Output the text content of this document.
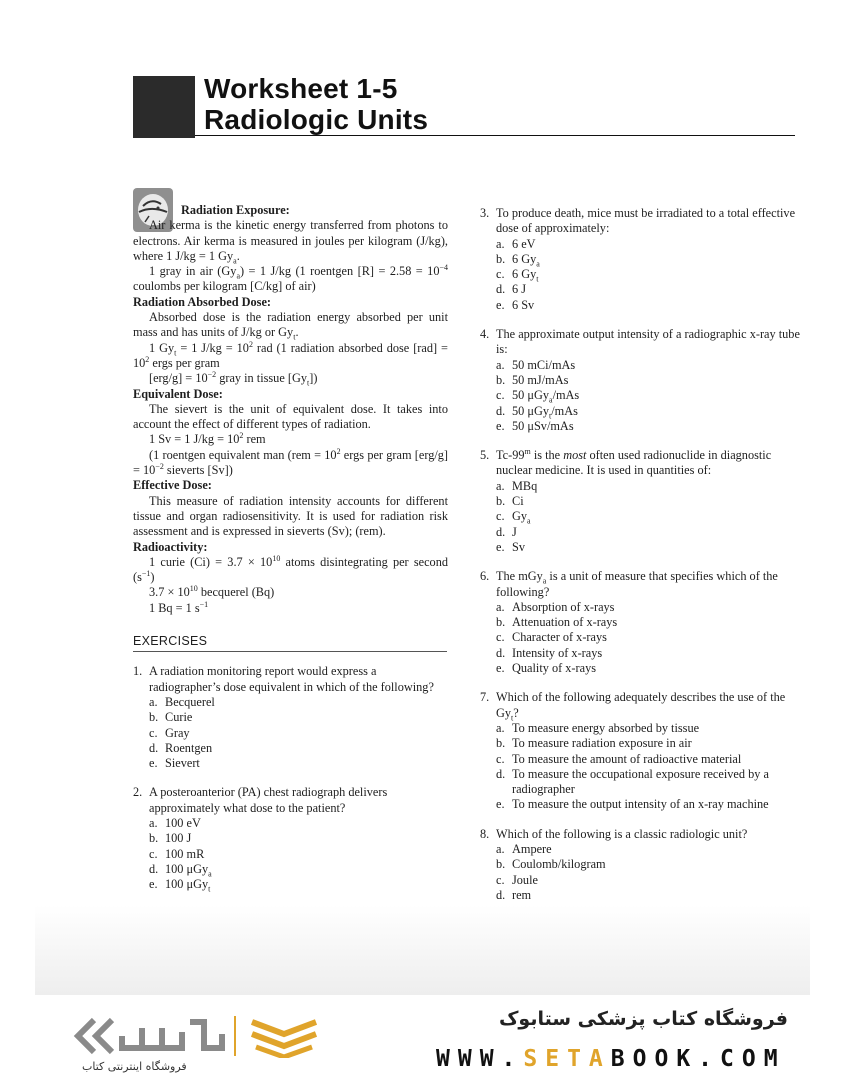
Worksheet 1-5
Radiologic Units

Radiation Exposure:

Air kerma is the kinetic energy transferred from photons to electrons. Air kerma is measured in joules per kilogram (J/kg), where 1 J/kg = 1 $Gy_a$.

1 gray in air $(Gy_a) = 1$ J/kg (1 roentgen $[R] = 2.58 = 10^{-4}$ coulombs per kilogram [C/kg] of air)

Radiation Absorbed Dose:

Absorbed dose is the radiation energy absorbed per unit mass and has units of J/kg or $Gy_t$.

1 $Gy_t = 1$ $J/kg = 10^2$ rad (1 radiation absorbed dose $[rad] = 10^2$ ergs per gram

$[erg/g] = 10^{-2}$ gray in tissue $[Gy_t]$)

Equivalent Dose:

The sievert is the unit of equivalent dose. It takes into account the effect of different types of radiation.

1 Sv = 1 $J/kg = 10^2$ rem

(1 roentgen equivalent man ($rem = 10^2$ ergs per gram $[erg/g] = 10^{-2}$ sieverts [Sv])

Effective Dose:

This measure of radiation intensity accounts for different tissue and organ radiosensitivity. It is used for radiation risk assessment and is expressed in sieverts (Sv); (rem).

Radioactivity:

1 curie $(Ci) = 3.7 \times 10^{10}$ atoms disintegrating per second $(s^{-1})$

$3.7 \times 10^{10}$ becquerel (Bq)

1 Bq = 1 $s^{-1}$

EXERCISES
1. A radiation monitoring report would express a radiographer’s dose equivalent in which of the following?
a. Becquerel
b. Curie
c. Gray
d. Roentgen
e. Sievert
2. A posteroanterior (PA) chest radiograph delivers approximately what dose to the patient?
a. 100 eV
b. 100 J
c. 100 mR
d. 100 μGy$_a$
e. 100 μGy$_t$
3. To produce death, mice must be irradiated to a total effective dose of approximately:
a. 6 eV
b. 6 $Gy_a$
c. 6 $Gy_t$
d. 6 J
e. 6 Sv
4. The approximate output intensity of a radiographic x-ray tube is:
a. 50 mCi/mAs
b. 50 mJ/mAs
c. 50 μGy$_a$/mAs
d. 50 μGy$_t$/mAs
e. 50 μSv/mAs
5. Tc-99$^m$ is the most often used radionuclide in diagnostic nuclear medicine. It is used in quantities of:
a. MBq
b. Ci
c. $Gy_a$
d. J
e. Sv
6. The mGy$_a$ is a unit of measure that specifies which of the following?
a. Absorption of x-rays
b. Attenuation of x-rays
c. Character of x-rays
d. Intensity of x-rays
e. Quality of x-rays
7. Which of the following adequately describes the use of the $Gy_t$?
a. To measure energy absorbed by tissue
b. To measure radiation exposure in air
c. To measure the amount of radioactive material
d. To measure the occupational exposure received by a radiographer
e. To measure the output intensity of an x-ray machine
8. Which of the following is a classic radiologic unit?
a. Ampere
b. Coulomb/kilogram
c. Joule
d. rem
فروشگاه اینترنتی کتاب
فروشگاه کتاب پزشکی ستابوک
WWW.SETABOOK.COM
